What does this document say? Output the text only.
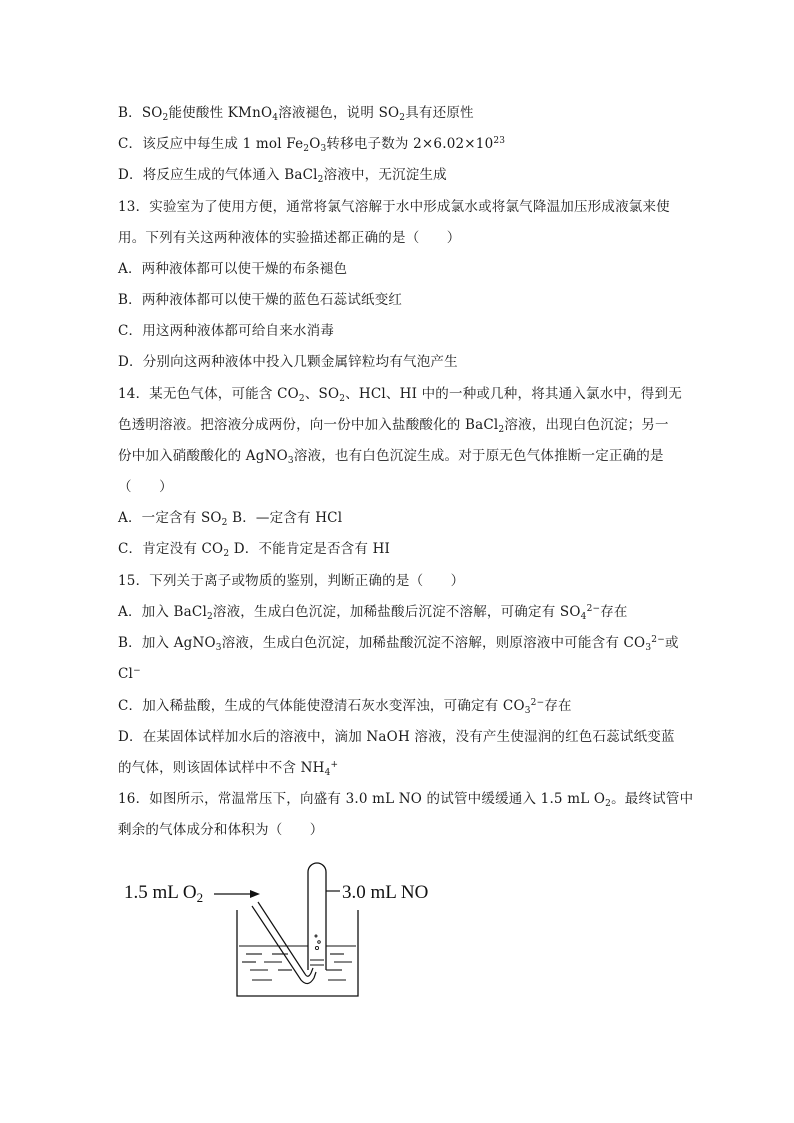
B．$SO_2$能使酸性 KMnO$_4$溶液褪色，说明 $SO_2$具有还原性
C．该反应中每生成 1 mol $Fe_2O_3$转移电子数为 $2\times 6.02\times 10^{23}$
D．将反应生成的气体通入 BaCl$_2$溶液中，无沉淀生成
13．实验室为了使用方便，通常将氯气溶解于水中形成氯水或将氯气降温加压形成液氯来使
用。下列有关这两种液体的实验描述都正确的是（　　）
A．两种液体都可以使干燥的布条褪色
B．两种液体都可以使干燥的蓝色石蕊试纸变红
C．用这两种液体都可给自来水消毒
D．分别向这两种液体中投入几颗金属锌粒均有气泡产生
14．某无色气体，可能含 $CO_2$、$SO_2$、HCl、HI 中的一种或几种，将其通入氯水中，得到无
色透明溶液。把溶液分成两份，向一份中加入盐酸酸化的 BaCl$_2$溶液，出现白色沉淀；另一
份中加入硝酸酸化的 AgNO$_3$溶液，也有白色沉淀生成。对于原无色气体推断一定正确的是
（　　）
A．一定含有 $SO_2$ B．—定含有 HCl
C．肯定没有 $CO_2$ D．不能肯定是否含有 HI
15．下列关于离子或物质的鉴别，判断正确的是（　　）
A．加入 BaCl$_2$溶液，生成白色沉淀，加稀盐酸后沉淀不溶解，可确定有 $SO_4^{2-}$存在
B．加入 AgNO$_3$溶液，生成白色沉淀，加稀盐酸沉淀不溶解，则原溶液中可能含有 $CO_3^{2-}$或
Cl−
C．加入稀盐酸，生成的气体能使澄清石灰水变浑浊，可确定有 $CO_3^{2-}$存在
D．在某固体试样加水后的溶液中，滴加 NaOH 溶液，没有产生使湿润的红色石蕊试纸变蓝
的气体，则该固体试样中不含 $NH_4^+$
16．如图所示，常温常压下，向盛有 3.0 mL NO 的试管中缓缓通入 1.5 mL $O_2$。最终试管中
剩余的气体成分和体积为（　　）
1.5 mL $O_2$	3.0 mL NO
